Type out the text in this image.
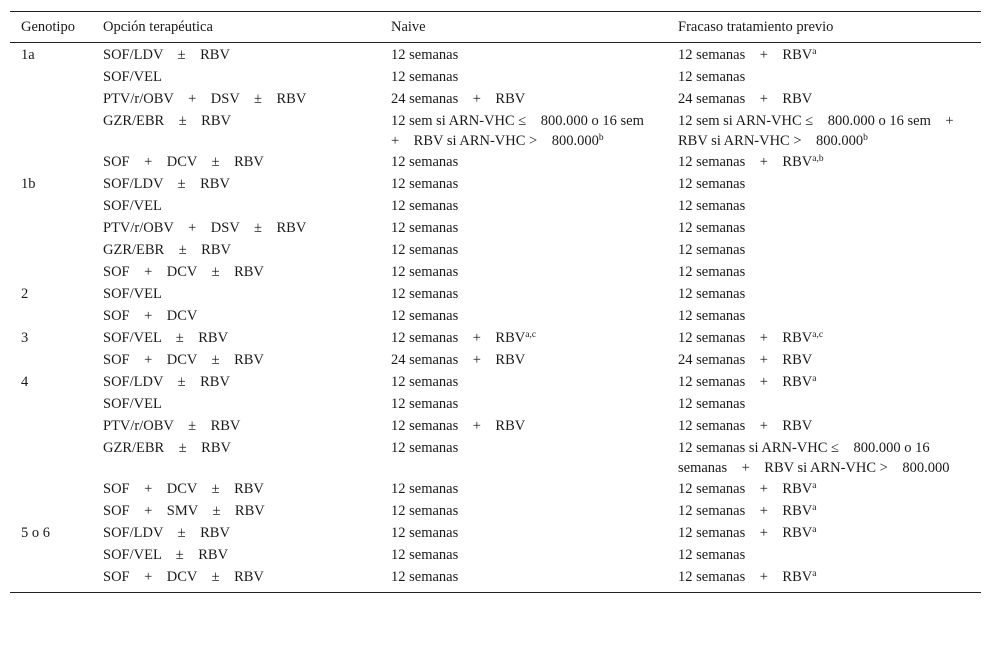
Genotipo	Opción terapéutica	Naive	Fracaso tratamiento previo
1a	SOF/LDV    ±    RBV	12 semanas	12 semanas    +    RBV$^a$
	SOF/VEL	12 semanas	12 semanas
	PTV/r/OBV    +    DSV    ±    RBV	24 semanas    +    RBV	24 semanas    +    RBV
	GZR/EBR    ±    RBV	12 sem si ARN-VHC ≤    800.000 o 16 sem    +    RBV si ARN-VHC >    800.000$^b$	12 sem si ARN-VHC ≤    800.000 o 16 sem    +    RBV si ARN-VHC >    800.000$^b$
	SOF    +    DCV    ±    RBV	12 semanas	12 semanas    +    RBV$^{a,b}$
1b	SOF/LDV    ±    RBV	12 semanas	12 semanas
	SOF/VEL	12 semanas	12 semanas
	PTV/r/OBV    +    DSV    ±    RBV	12 semanas	12 semanas
	GZR/EBR    ±    RBV	12 semanas	12 semanas
	SOF    +    DCV    ±    RBV	12 semanas	12 semanas
2	SOF/VEL	12 semanas	12 semanas
	SOF    +    DCV	12 semanas	12 semanas
3	SOF/VEL    ±    RBV	12 semanas    +    RBV$^{a,c}$	12 semanas    +    RBV$^{a,c}$
	SOF    +    DCV    ±    RBV	24 semanas    +    RBV	24 semanas    +    RBV
4	SOF/LDV    ±    RBV	12 semanas	12 semanas    +    RBV$^a$
	SOF/VEL	12 semanas	12 semanas
	PTV/r/OBV    ±    RBV	12 semanas    +    RBV	12 semanas    +    RBV
	GZR/EBR    ±    RBV	12 semanas	12 semanas si ARN-VHC ≤    800.000 o 16 semanas    +    RBV si ARN-VHC >    800.000
	SOF    +    DCV    ±    RBV	12 semanas	12 semanas    +    RBV$^a$
	SOF    +    SMV    ±    RBV	12 semanas	12 semanas    +    RBV$^a$
5 o 6	SOF/LDV    ±    RBV	12 semanas	12 semanas    +    RBV$^a$
	SOF/VEL    ±    RBV	12 semanas	12 semanas
	SOF    +    DCV    ±    RBV	12 semanas	12 semanas    +    RBV$^a$
